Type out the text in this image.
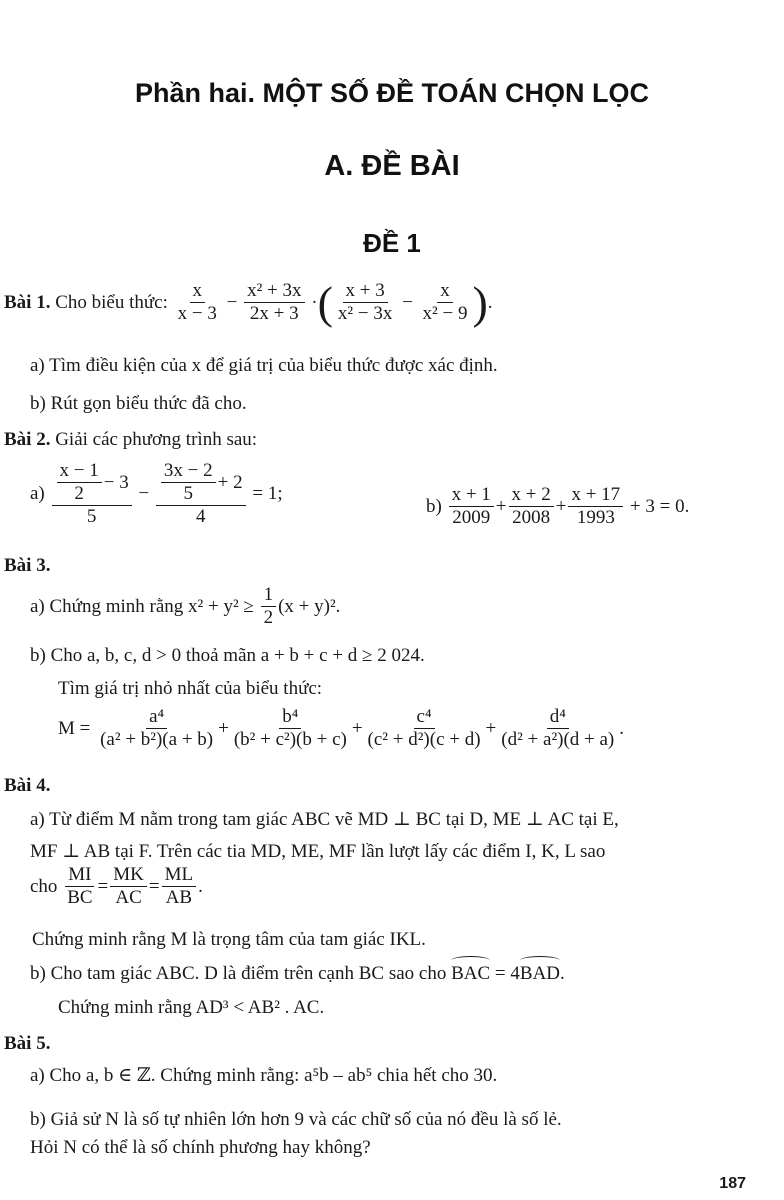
Phần hai. MỘT SỐ ĐỀ TOÁN CHỌN LỌC
A. ĐỀ BÀI
ĐỀ 1
Bài 1.
Cho biểu thức:
$\frac{x}{x - 3} - \frac{\text{x² + 3x}}{2x + 3}$ · ( $\frac{x + 3}{\text{x² − 3x}} - \frac{x}{\text{x² − 9}}$ ) .
a) Tìm điều kiện của x để giá trị của biểu thức được xác định.
b) Rút gọn biểu thức đã cho.
Bài 2. Giải các phương trình sau:
a)
$\frac{\frac{x - 1}{2} - 3}{5} - \frac{\frac{3x - 2}{5} + 2}{4}$
= 1;
b)
$\frac{x + 1}{2009} + \frac{x + 2}{2008} + \frac{x + 17}{1993}$
+ 3 = 0.
Bài 3.
a) Chứng minh rằng x² + y² ≥
$\frac{1}{2} (x + y)^2$.
b) Cho a, b, c, d > 0 thoả mãn a + b + c + d ≥ 2 024.
Tìm giá trị nhỏ nhất của biểu thức:
M =
$\frac{\text{a⁴}}{\text{(a² + b²)(a + b)}} + \frac{\text{b⁴}}{\text{(b² + c²)(b + c)}} + \frac{\text{c⁴}}{\text{(c² + d²)(c + d)}} + \frac{\text{d⁴}}{\text{(d² + a²)(d + a)}}$ .
Bài 4.
a) Từ điểm M nằm trong tam giác ABC vẽ MD ⊥ BC tại D, ME ⊥ AC tại E,
MF ⊥ AB tại F. Trên các tia MD, ME, MF lần lượt lấy các điểm I, K, L sao
cho
$\frac{MI}{BC} = \frac{MK}{AC} = \frac{ML}{AB}$ .
Chứng minh rằng M là trọng tâm của tam giác IKL.
b) Cho tam giác ABC. D là điểm trên cạnh BC sao cho BAC = 4BAD.
Chứng minh rằng AD³ < AB² . AC.
Bài 5.
a) Cho a, b ∈ ℤ. Chứng minh rằng: a⁵b – ab⁵ chia hết cho 30.
b) Giả sử N là số tự nhiên lớn hơn 9 và các chữ số của nó đều là số lẻ.
Hỏi N có thể là số chính phương hay không?
187
